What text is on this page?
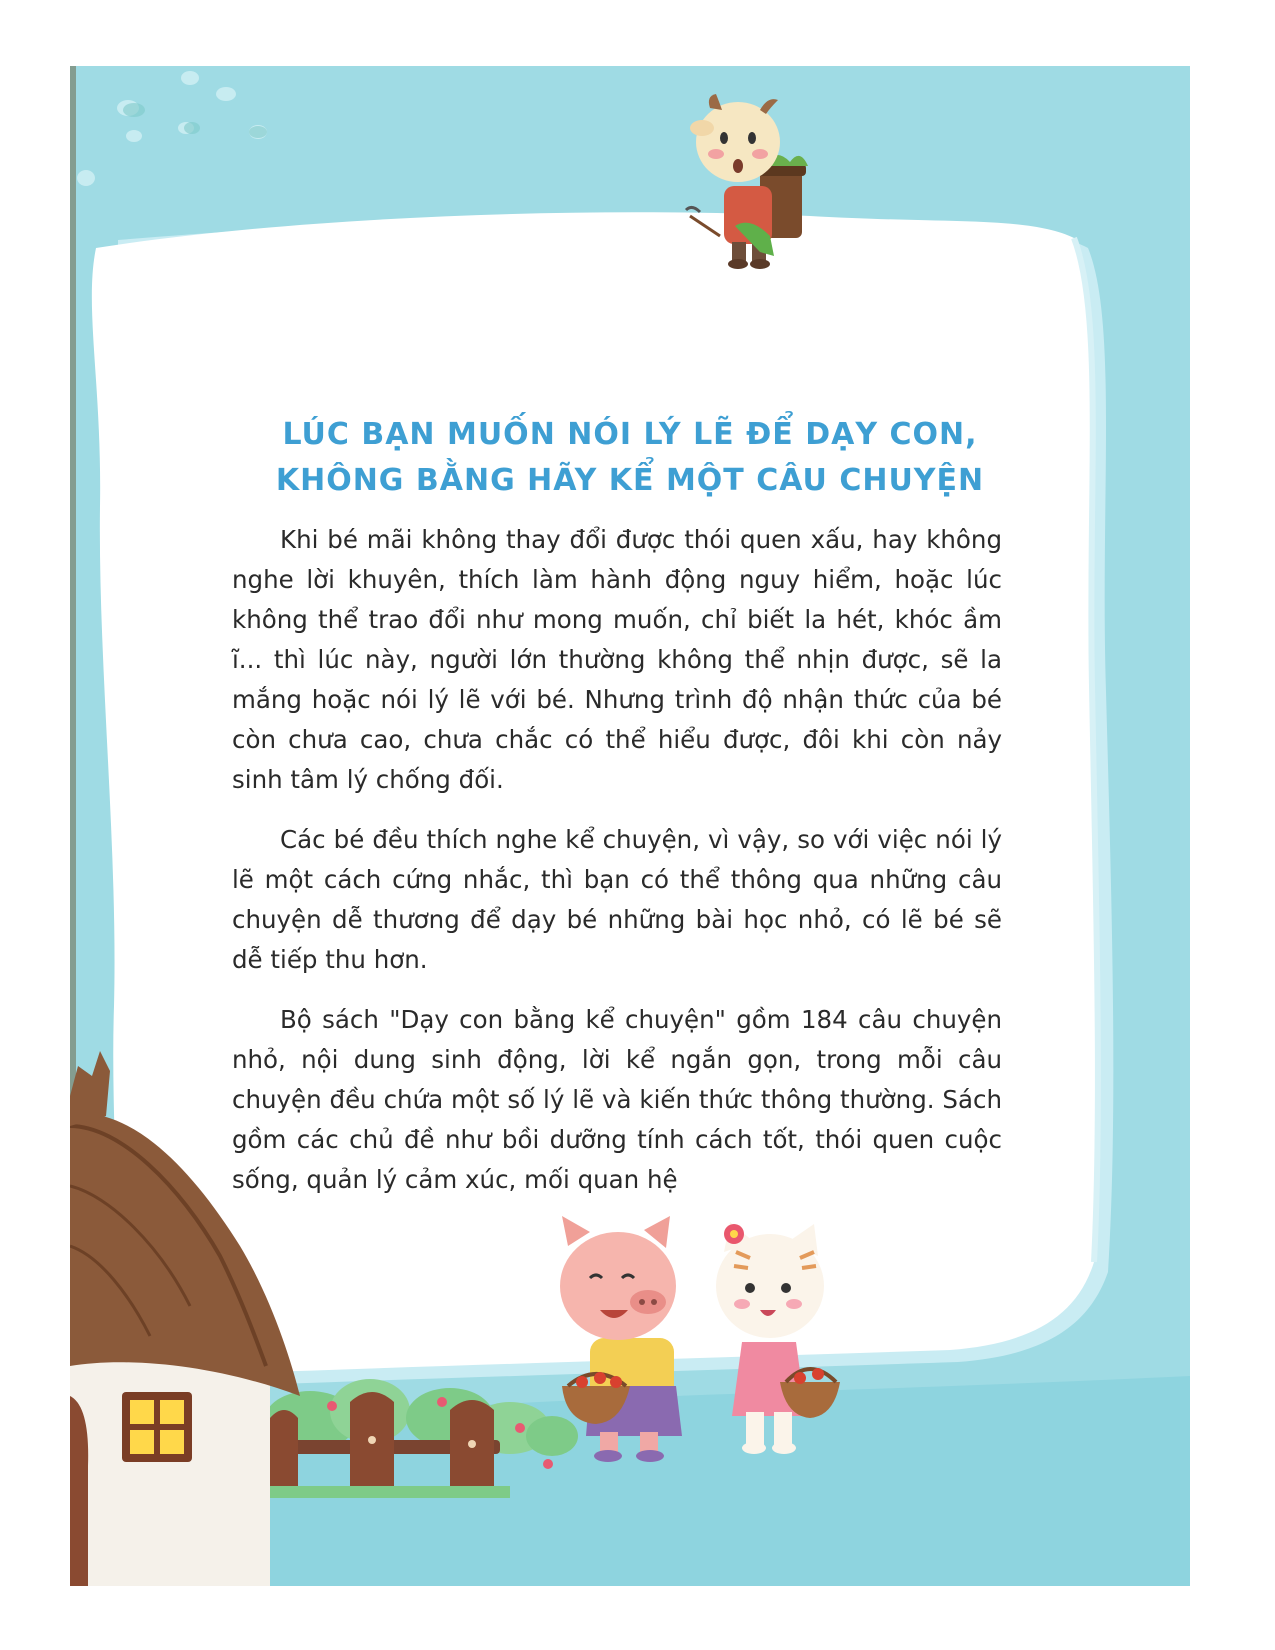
LÚC BẠN MUỐN NÓI LÝ LẼ ĐỂ DẠY CON,
KHÔNG BẰNG HÃY KỂ MỘT CÂU CHUYỆN

Khi bé mãi không thay đổi được thói quen xấu, hay không nghe lời khuyên, thích làm hành động nguy hiểm, hoặc lúc không thể trao đổi như mong muốn, chỉ biết la hét, khóc ầm ĩ... thì lúc này, người lớn thường không thể nhịn được, sẽ la mắng hoặc nói lý lẽ với bé. Nhưng trình độ nhận thức của bé còn chưa cao, chưa chắc có thể hiểu được, đôi khi còn nảy sinh tâm lý chống đối.

Các bé đều thích nghe kể chuyện, vì vậy, so với việc nói lý lẽ một cách cứng nhắc, thì bạn có thể thông qua những câu chuyện dễ thương để dạy bé những bài học nhỏ, có lẽ bé sẽ dễ tiếp thu hơn.

Bộ sách "Dạy con bằng kể chuyện" gồm 184 câu chuyện nhỏ, nội dung sinh động, lời kể ngắn gọn, trong mỗi câu chuyện đều chứa một số lý lẽ và kiến thức thông thường. Sách gồm các chủ đề như bồi dưỡng tính cách tốt, thói quen cuộc sống, quản lý cảm xúc, mối quan hệ
